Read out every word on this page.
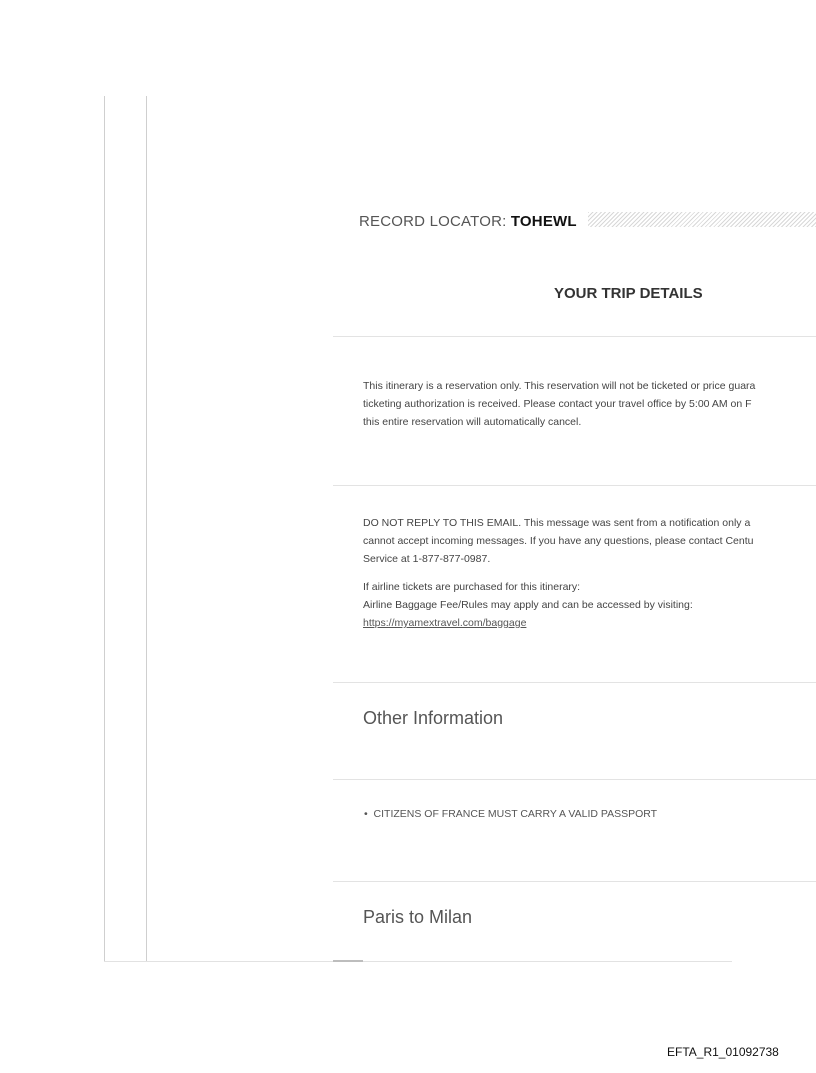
RECORD LOCATOR: TOHEWL
YOUR TRIP DETAILS
This itinerary is a reservation only. This reservation will not be ticketed or price guara
ticketing authorization is received. Please contact your travel office by 5:00 AM on F
this entire reservation will automatically cancel.
DO NOT REPLY TO THIS EMAIL. This message was sent from a notification only a
cannot accept incoming messages. If you have any questions, please contact Centu
Service at 1-877-877-0987.
If airline tickets are purchased for this itinerary:
Airline Baggage Fee/Rules may apply and can be accessed by visiting:
https://myamextravel.com/baggage
Other Information
• CITIZENS OF FRANCE MUST CARRY A VALID PASSPORT
Paris to Milan
EFTA_R1_01092738
